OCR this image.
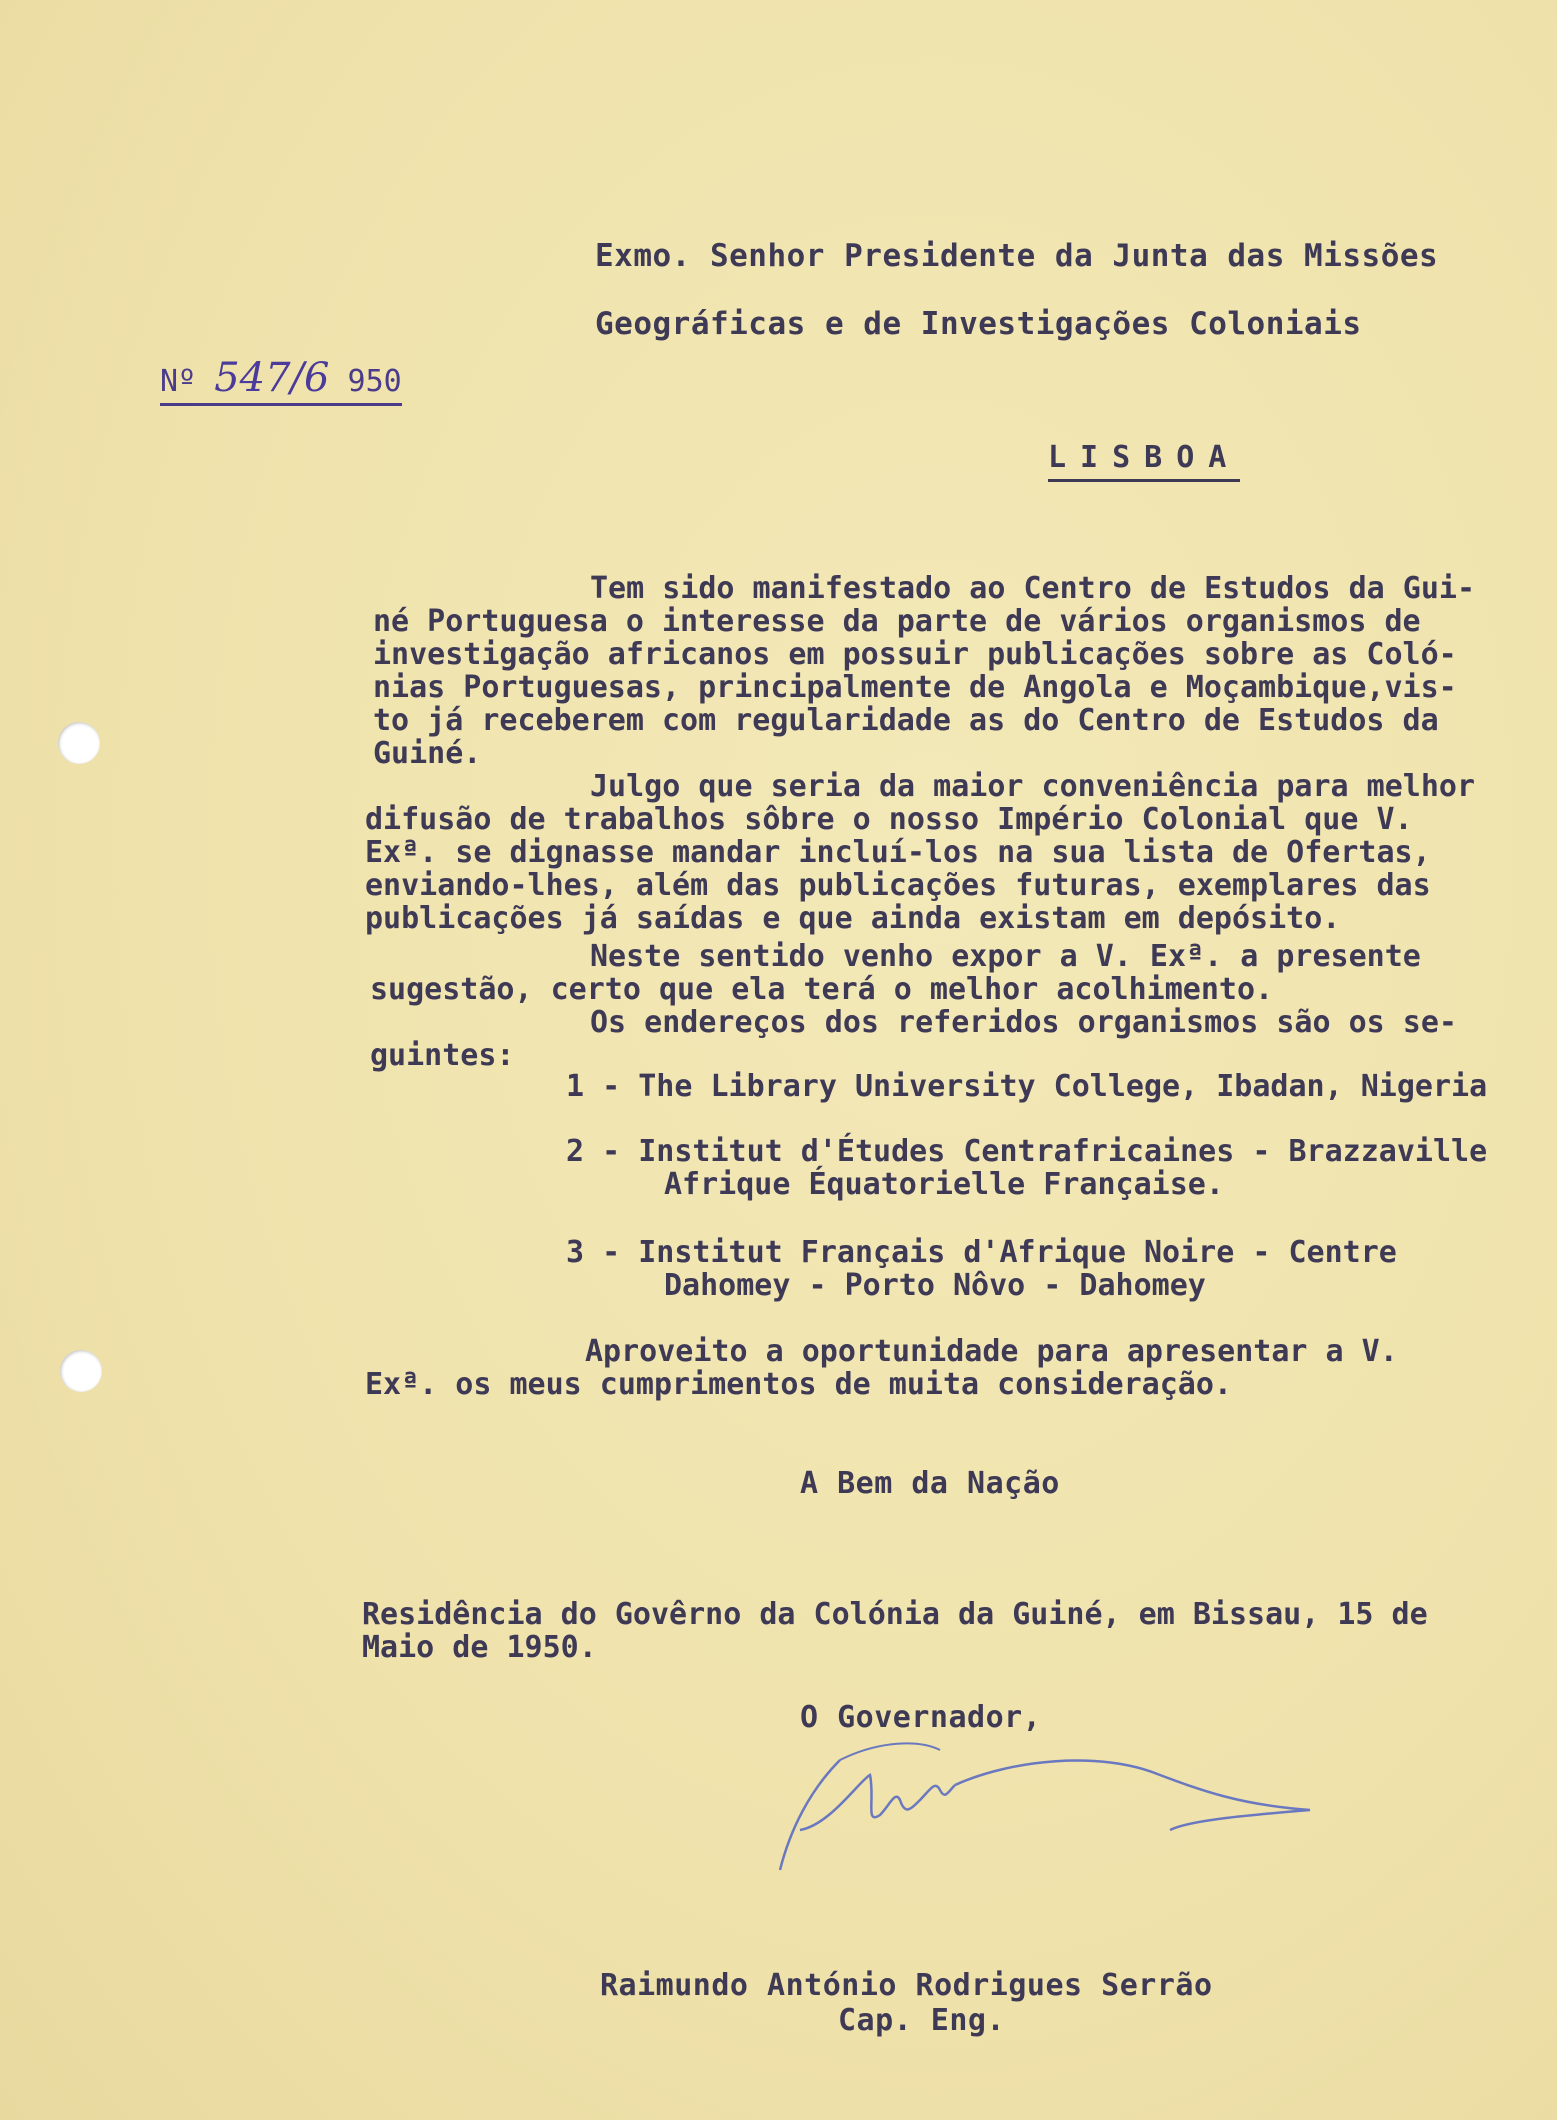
Exmo. Senhor Presidente da Junta das Missões
Geográficas e de Investigações Coloniais
Nº 547/6 950
LISBOA
Tem sido manifestado ao Centro de Estudos da Gui-
né Portuguesa o interesse da parte de vários organismos de
investigação africanos em possuir publicações sobre as Coló-
nias Portuguesas, principalmente de Angola e Moçambique,vis-
to já receberem com regularidade as do Centro de Estudos da
Guiné.
Julgo que seria da maior conveniência para melhor
difusão de trabalhos sôbre o nosso Império Colonial que V.
Exª. se dignasse mandar incluí-los na sua lista de Ofertas,
enviando-lhes, além das publicações futuras, exemplares das
publicações já saídas e que ainda existam em depósito.
Neste sentido venho expor a V. Exª. a presente
sugestão, certo que ela terá o melhor acolhimento.
Os endereços dos referidos organismos são os se-
guintes:
1 - The Library University College, Ibadan, Nigeria
2 - Institut d'Études Centrafricaines - Brazzaville
Afrique Équatorielle Française.
3 - Institut Français d'Afrique Noire - Centre
Dahomey - Porto Nôvo - Dahomey
Aproveito a oportunidade para apresentar a V.
Exª. os meus cumprimentos de muita consideração.
A Bem da Nação
Residência do Govêrno da Colónia da Guiné, em Bissau, 15 de
Maio de 1950.
O Governador,
Raimundo António Rodrigues Serrão
Cap. Eng.
